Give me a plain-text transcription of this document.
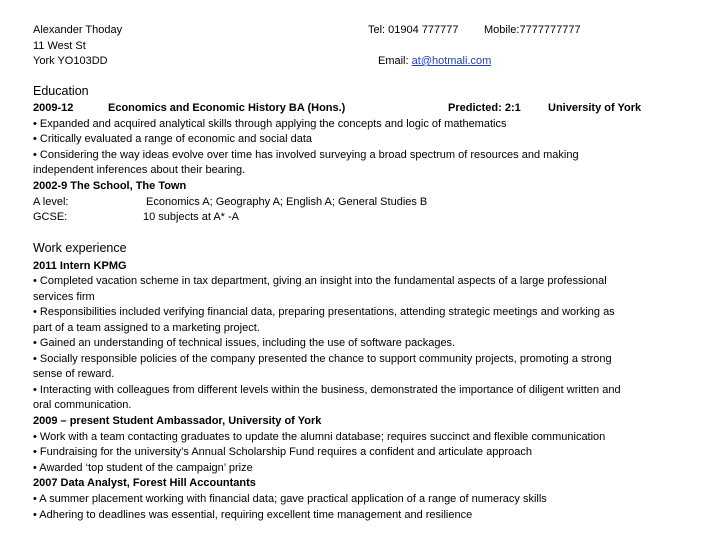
Alexander Thoday
11 West St
York YO103DD
Tel: 01904 777777 Mobile:7777777777
Email: at@hotmali.com
Education
2009-12	Economics and Economic History BA (Hons.)	Predicted: 2:1 University of York
• Expanded and acquired analytical skills through applying the concepts and logic of mathematics
• Critically evaluated a range of economic and social data
• Considering the way ideas evolve over time has involved surveying a broad spectrum of resources and making
independent inferences about their bearing.
2002-9 The School, The Town
A level:	Economics A; Geography A; English A; General Studies B
GCSE:	10 subjects at A* -A
Work experience
2011 Intern KPMG
• Completed vacation scheme in tax department, giving an insight into the fundamental aspects of a large professional
services firm
• Responsibilities included verifying financial data, preparing presentations, attending strategic meetings and working as
part of a team assigned to a marketing project.
• Gained an understanding of technical issues, including the use of software packages.
• Socially responsible policies of the company presented the chance to support community projects, promoting a strong
sense of reward.
• Interacting with colleagues from different levels within the business, demonstrated the importance of diligent written and
oral communication.
2009 – present Student Ambassador, University of York
• Work with a team contacting graduates to update the alumni database; requires succinct and flexible communication
• Fundraising for the university’s Annual Scholarship Fund requires a confident and articulate approach
• Awarded ‘top student of the campaign’ prize
2007 Data Analyst, Forest Hill Accountants
• A summer placement working with financial data; gave practical application of a range of numeracy skills
• Adhering to deadlines was essential, requiring excellent time management and resilience
